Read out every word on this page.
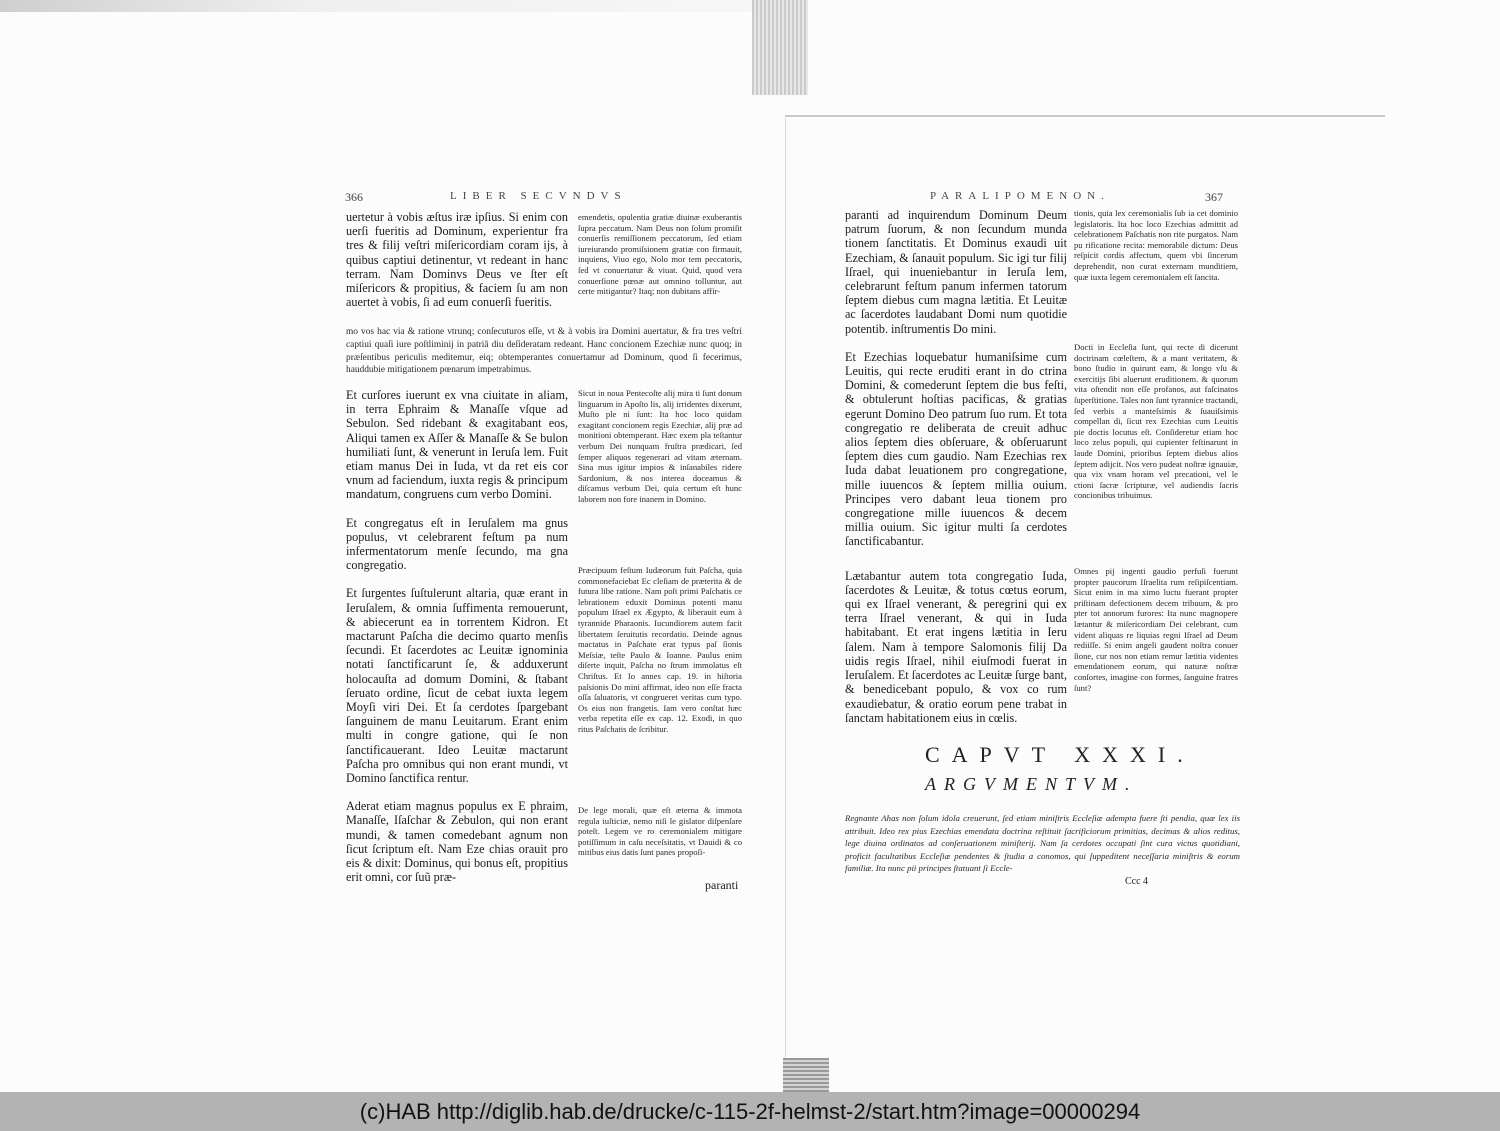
366	LIBER SECVNDVS

uertetur à vobis æſtus iræ ipſius. Si enim con uerſi fueritis ad Dominum, experientur fra tres & filij veſtri miſericordiam coram ijs, à quibus captiui detinentur, vt redeant in hanc terram. Nam Dominvs Deus ve ſter eſt miſericors & propitius, & faciem ſu am non auertet à vobis, ſi ad eum conuerſi fueritis.

mo vos hac via & ratione vtrunq; conſecuturos eſſe, vt & à vobis ira Domini auertatur, & fra tres veſtri captiui quaſi iure poſtliminij in patriã diu deſideratam redeant. Hanc concionem Ezechiæ nunc quoq; in præſentibus periculis meditemur, eiq; obtemperantes conuertamur ad Dominum, quod ſi fecerimus, hauddubie mitigationem pœnarum impetrabimus.

Et curſores iuerunt ex vna ciuitate in aliam, in terra Ephraim & Manaſſe vſque ad Sebulon. Sed ridebant & exagitabant eos, Aliqui tamen ex Aſſer & Manaſſe & Se bulon humiliati ſunt, & venerunt in Ieruſa lem. Fuit etiam manus Dei in Iuda, vt da ret eis cor vnum ad faciendum, iuxta regis & principum mandatum, congruens cum verbo Domini.

Et congregatus eſt in Ieruſalem ma gnus populus, vt celebrarent feſtum pa num infermentatorum menſe ſecundo, ma gna congregatio.

Et ſurgentes ſuſtulerunt altaria, quæ erant in Ieruſalem, & omnia ſuffimenta remouerunt, & abiecerunt ea in torrentem Kidron. Et mactarunt Paſcha die decimo quarto menſis ſecundi. Et ſacerdotes ac Leuitæ ignominia notati ſanctificarunt ſe, & adduxerunt holocauſta ad domum Domini, & ſtabant ſeruato ordine, ſicut de cebat iuxta legem Moyſi viri Dei. Et ſa cerdotes ſpargebant ſanguinem de manu Leuitarum. Erant enim multi in congre gatione, qui ſe non ſanctificauerant. Ideo Leuitæ mactarunt Paſcha pro omnibus qui non erant mundi, vt Domino ſanctifica rentur.

Aderat etiam magnus populus ex E phraim, Manaſſe, Iſaſchar & Zebulon, qui non erant mundi, & tamen comedebant agnum non ſicut ſcriptum eſt. Nam Eze chias orauit pro eis & dixit: Dominus, qui bonus eſt, propitius erit omni, cor ſuũ præ-

emendetis, opulentia gratiæ diuinæ exuberantis ſupra peccatum. Nam Deus non ſolum promiſit conuerſis remiſſionem peccatorum, ſed etiam iureiurando promiſsionem gratiæ con firmauit, inquiens, Viuo ego, Nolo mor tem peccatoris, ſed vt conuertatur & viuat. Quid, quod vera conuerſione pœnæ aut omnino tolluntur, aut certe mitigantur? Itaq; non dubitans affir-
Sicut in noua Pentecoſte alij mira ti ſunt donum linguarum in Apoſto lis, alij irridentes dixerunt, Muſto ple ni ſunt: Ita hoc loco quidam exagitant concionem regis Ezechiæ, alij præ ad monitioni obtemperant. Hæc exem pla teſtantur verbum Dei nunquam fruſtra prædicari, ſed ſemper aliquos regenerari ad vitam æternam. Sina mus igitur impios & inſanabiles ridere Sardonium, & nos interea doceamus & diſcamus verbum Dei, quia certum eſt hunc laborem non fore inanem in Domino.
Præcipuum feſtum Iudæorum fuit Paſcha, quia commonefaciebat Ec cleſiam de præterita & de futura libe ratione. Nam poſt primi Paſchatis ce lebrationem eduxit Dominus potenti manu populum Iſrael ex Ægypto, & liberauit eum à tyrannide Pharaonis. Iucundiorem autem facit libertatem ſeruitutis recordatio. Deinde agnus mactatus in Paſchate erat typus paſ ſionis Meſsiæ, teſte Paulo & Ioanne. Paulus enim diſerte inquit, Paſcha no ſtrum immolatus eſt Chriſtus. Et Io annes cap. 19. in hiſtoria paſsionis Do mini affirmat, ideo non eſſe fracta oſſa ſaluatoris, vt congrueret veritas cum typo. Os eius non frangetis. Iam vero conſtat hæc verba repetita eſſe ex cap. 12. Exodi, in quo ritus Paſchatis de ſcribitur.
De lege morali, quæ eſt æterna & immota regula iuſticiæ, nemo niſi le gislator diſpenſare poteſt. Legem ve ro ceremonialem mitigare potiſſimum in caſu neceſsitatis, vt Dauidi & co mitibus eius datis ſunt panes propoſi-
paranti
PARALIPOMENON.	367

paranti ad inquirendum Dominum Deum patrum ſuorum, & non ſecundum munda tionem ſanctitatis. Et Dominus exaudi uit Ezechiam, & ſanauit populum. Sic igi tur filij Iſrael, qui inueniebantur in Ieruſa lem, celebrarunt feſtum panum infermen tatorum ſeptem diebus cum magna lætitia. Et Leuitæ ac ſacerdotes laudabant Domi num quotidie potentib. inſtrumentis Do mini.

Et Ezechias loquebatur humaniſsime cum Leuitis, qui recte eruditi erant in do ctrina Domini, & comederunt ſeptem die bus feſti, & obtulerunt hoſtias pacificas, & gratias egerunt Domino Deo patrum ſuo rum. Et tota congregatio re deliberata de creuit adhuc alios ſeptem dies obſeruare, & obſeruarunt ſeptem dies cum gaudio. Nam Ezechias rex Iuda dabat leuationem pro congregatione, mille iuuencos & ſeptem millia ouium. Principes vero dabant leua tionem pro congregatione mille iuuencos & decem millia ouium. Sic igitur multi ſa cerdotes ſanctificabantur.

Lætabantur autem tota congregatio Iuda, ſacerdotes & Leuitæ, & totus cœtus eorum, qui ex Iſrael venerant, & peregrini qui ex terra Iſrael venerant, & qui in Iuda habitabant. Et erat ingens lætitia in Ieru ſalem. Nam à tempore Salomonis filij Da uidis regis Iſrael, nihil eiuſmodi fuerat in Ieruſalem. Et ſacerdotes ac Leuitæ ſurge bant, & benedicebant populo, & vox co rum exaudiebatur, & oratio eorum pene trabat in ſanctam habitationem eius in cœlis.

tionis, quia lex ceremonialis ſub ia cet dominio legislatoris. Ita hoc loco Ezechias admittit ad celebrationem Paſchatis non rite purgatos. Nam pu rificatione recita: memorabile dictum: Deus reſpicit cordis affectum, quem vbi ſincerum deprehendit, non curat externam munditiem, quæ iuxta legem ceremonialem eſt ſancita.
Docti in Eccleſia ſunt, qui recte di dicerunt doctrinam cœleſtem, & a mant veritatem, & bono ſtudio in quirunt eam, & longo vſu & exercitijs ſibi aluerunt eruditionem. & quorum vita oſtendit non eſſe profanos, aut faſcinatos ſuperſtitione. Tales non ſunt tyrannice tractandi, ſed verbis a manteſsimis & ſuauiſsimis compellan di, ſicut rex Ezechias cum Leuitis pie doctis locutus eſt. Conſideretur etiam hoc loco zelus populi, qui cupienter feſtinarunt in laude Domini, prioribus ſeptem diebus alios ſeptem adijcit. Nos vero pudeat noſtræ ignauiæ, qua vix vnam horam vel precationi, vel le ctioni ſacræ ſcripturæ, vel audiendis ſacris concionibus tribuimus.
Omnes pij ingenti gaudio perfuſi fuerunt propter paucorum Iſraelita rum reſipiſcentiam. Sicut enim in ma ximo luctu fuerant propter priſtinam defectionem decem tribuum, & pro pter tot annorum furores: Ita nunc magnopere lætantur & miſericordiam Dei celebrant, cum vident aliquas re liquias regni Iſrael ad Deum rediiſſe. Si enim angeli gaudent noſtra conuer ſione, cur nos non etiam remur lætitia videntes emendationem eorum, qui naturæ noſtræ conſortes, imagine con formes, ſanguine fratres ſunt?
CAPVT XXXI.
ARGVMENTVM.
Regnante Ahas non ſolum idola creuerunt, ſed etiam miniſtris Eccleſiæ adempta fuere ſti pendia, quæ lex iis attribuit. Ideo rex pius Ezechias emendata doctrina reſtituit ſacrificiorum primitias, decimas & alios reditus, lege diuina ordinatos ad conſeruationem miniſterij. Nam ſa cerdotes occupati ſint cura victus quotidiani, proficit facultatibus Eccleſiæ pendentes & ſtudia a conomos, qui ſuppeditent neceſſaria miniſtris & eorum familiæ. Ita nunc pii principes ſtatuant ſi Eccle-
Ccc 4
(c)HAB http://diglib.hab.de/drucke/c-115-2f-helmst-2/start.htm?image=00000294
